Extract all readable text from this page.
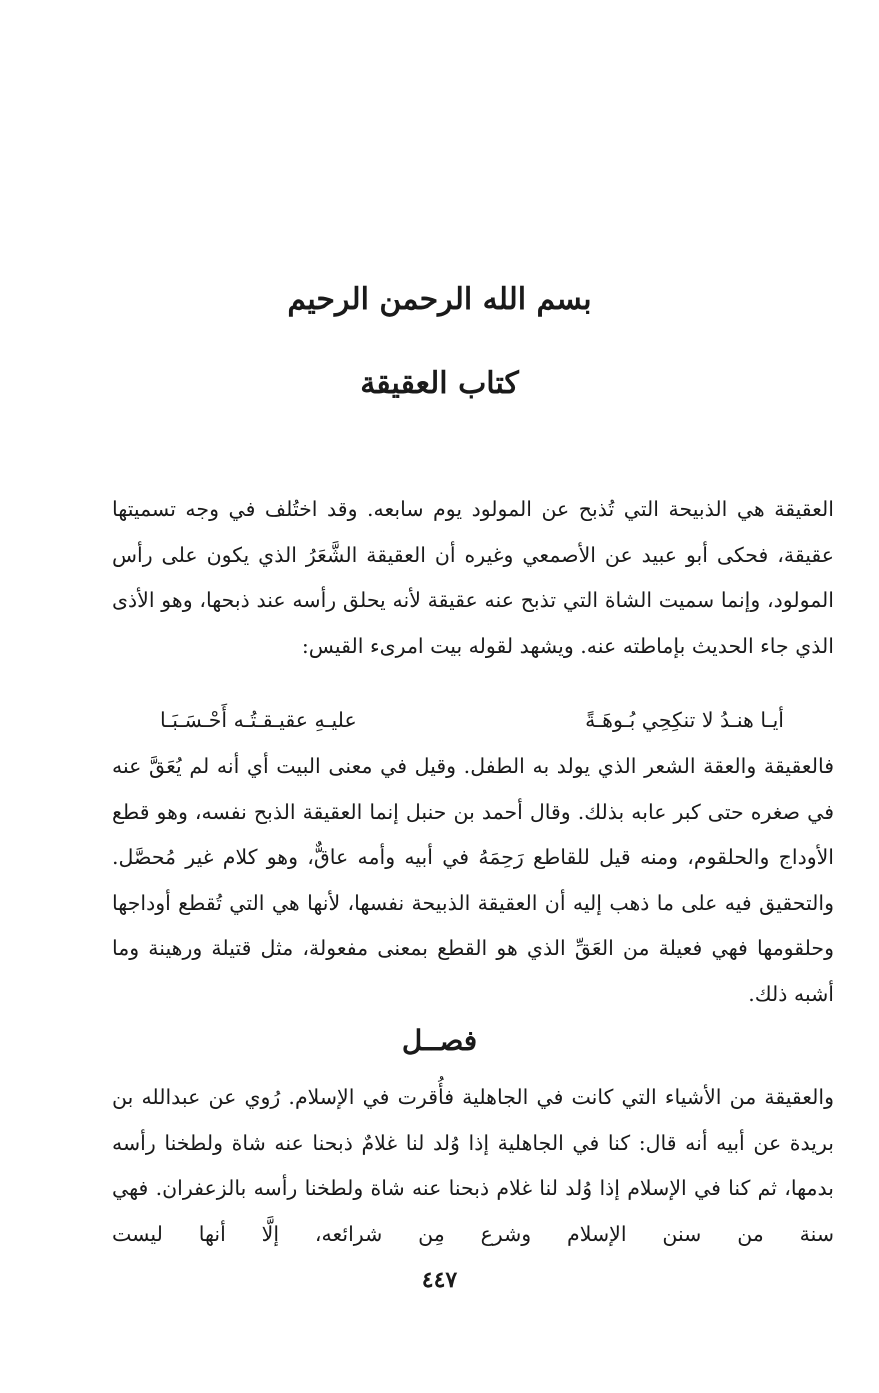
بسم الله الرحمن الرحيم
كتاب العقيقة
العقيقة هي الذبيحة التي تُذبح عن المولود يوم سابعه. وقد اختُلف في وجه تسميتها عقيقة، فحكى أبو عبيد عن الأصمعي وغيره أن العقيقة الشَّعَرُ الذي يكون على رأس المولود، وإنما سميت الشاة التي تذبح عنه عقيقة لأنه يحلق رأسه عند ذبحها، وهو الأذى الذي جاء الحديث بإماطته عنه. ويشهد لقوله بيت امرىء القيس:
أيـا هنـدُ لا تنكِحِي بُـوهَـةً
عليـهِ عقيـقـتُـه أَحْـسَـبَـا
فالعقيقة والعقة الشعر الذي يولد به الطفل. وقيل في معنى البيت أي أنه لم يُعَقَّ عنه في صغره حتى كبر عابه بذلك. وقال أحمد بن حنبل إنما العقيقة الذبح نفسه، وهو قطع الأوداج والحلقوم، ومنه قيل للقاطع رَحِمَهُ في أبيه وأمه عاقٌّ، وهو كلام غير مُحصَّل. والتحقيق فيه على ما ذهب إليه أن العقيقة الذبيحة نفسها، لأنها هي التي تُقطع أوداجها وحلقومها فهي فعيلة من العَقِّ الذي هو القطع بمعنى مفعولة، مثل قتيلة ورهينة وما أشبه ذلك.
فصــل
والعقيقة من الأشياء التي كانت في الجاهلية فأُقرت في الإسلام. رُوي عن عبدالله بن بريدة عن أبيه أنه قال: كنا في الجاهلية إذا وُلد لنا غلامٌ ذبحنا عنه شاة ولطخنا رأسه بدمها، ثم كنا في الإسلام إذا وُلد لنا غلام ذبحنا عنه شاة ولطخنا رأسه بالزعفران. فهي سنة من سنن الإسلام وشرع مِن شرائعه، إلَّا أنها ليست
٤٤٧
